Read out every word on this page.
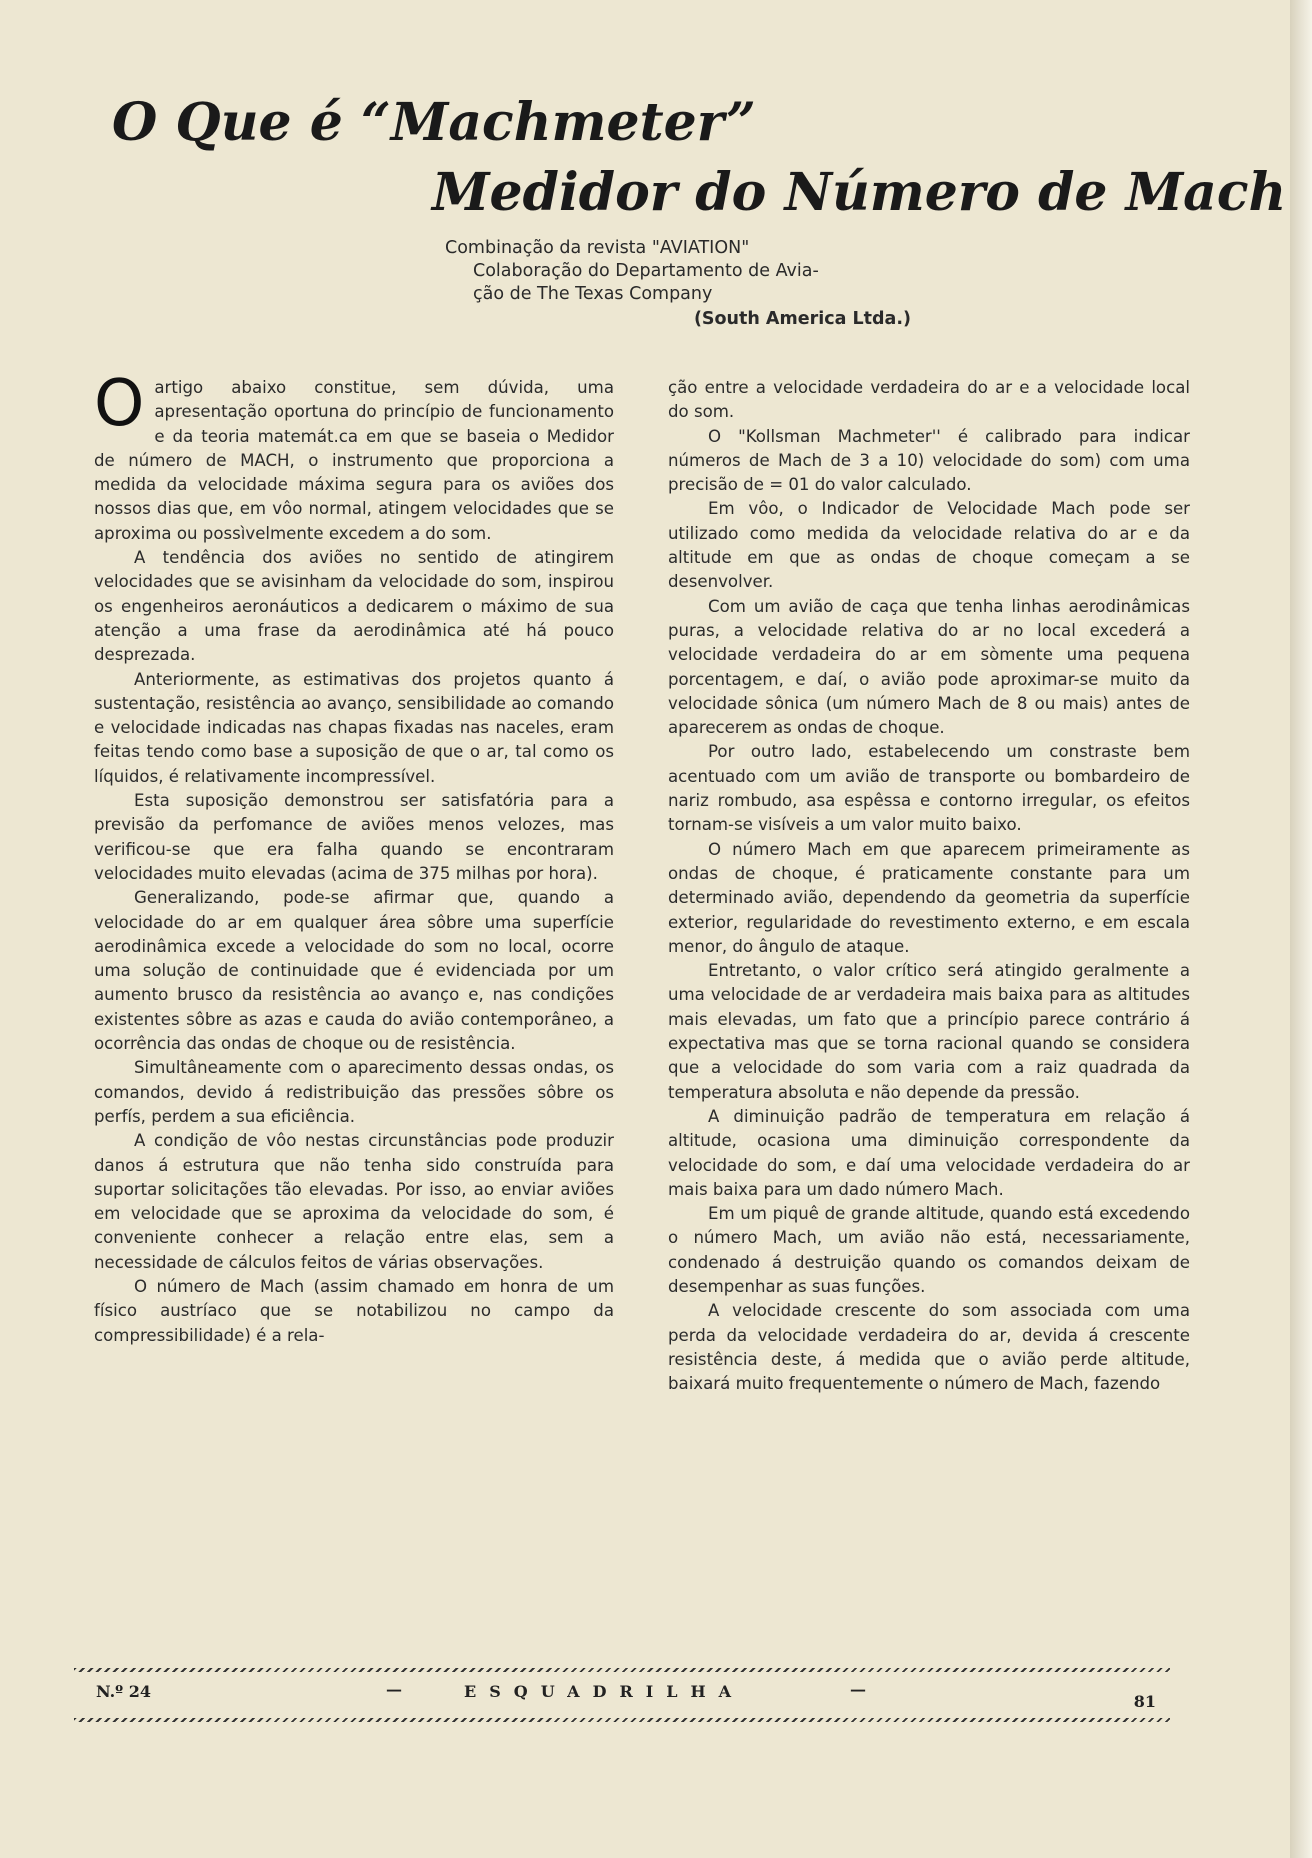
O Que é “Machmeter”
Medidor do Número de Mach

Combinação da revista "AVIATION"

Colaboração do Departamento de Avia-

ção de The Texas Company

(South America Ltda.)

Oartigo abaixo constitue, sem dúvida, uma apresentação oportuna do princípio de funcionamento e da teoria matemát.ca em que se baseia o Medidor de número de MACH, o instrumento que proporciona a medida da velocidade máxima segura para os aviões dos nossos dias que, em vôo normal, atingem velocidades que se aproxima ou possìvelmente excedem a do som.

A tendência dos aviões no sentido de atingirem velocidades que se avisinham da velocidade do som, inspirou os engenheiros aeronáuticos a dedicarem o máximo de sua atenção a uma frase da aerodinâmica até há pouco desprezada.

Anteriormente, as estimativas dos projetos quanto á sustentação, resistência ao avanço, sensibilidade ao comando e velocidade indicadas nas chapas fixadas nas naceles, eram feitas tendo como base a suposição de que o ar, tal como os líquidos, é relativamente incompressível.

Esta suposição demonstrou ser satisfatória para a previsão da perfomance de aviões menos velozes, mas verificou-se que era falha quando se encontraram velocidades muito elevadas (acima de 375 milhas por hora).

Generalizando, pode-se afirmar que, quando a velocidade do ar em qualquer área sôbre uma superfície aerodinâmica excede a velocidade do som no local, ocorre uma solução de continuidade que é evidenciada por um aumento brusco da resistência ao avanço e, nas condições existentes sôbre as azas e cauda do avião contemporâneo, a ocorrência das ondas de choque ou de resistência.

Simultâneamente com o aparecimento dessas ondas, os comandos, devido á redistribuição das pressões sôbre os perfís, perdem a sua eficiência.

A condição de vôo nestas circunstâncias pode produzir danos á estrutura que não tenha sido construída para suportar solicitações tão elevadas. Por isso, ao enviar aviões em velocidade que se aproxima da velocidade do som, é conveniente conhecer a relação entre elas, sem a necessidade de cálculos feitos de várias observações.

O número de Mach (assim chamado em honra de um físico austríaco que se notabilizou no campo da compressibilidade) é a rela-

ção entre a velocidade verdadeira do ar e a velocidade local do som.

O "Kollsman Machmeter'' é calibrado para indicar números de Mach de 3 a 10) velocidade do som) com uma precisão de = 01 do valor calculado.

Em vôo, o Indicador de Velocidade Mach pode ser utilizado como medida da velocidade relativa do ar e da altitude em que as ondas de choque começam a se desenvolver.

Com um avião de caça que tenha linhas aerodinâmicas puras, a velocidade relativa do ar no local excederá a velocidade verdadeira do ar em sòmente uma pequena porcentagem, e daí, o avião pode aproximar-se muito da velocidade sônica (um número Mach de 8 ou mais) antes de aparecerem as ondas de choque.

Por outro lado, estabelecendo um constraste bem acentuado com um avião de transporte ou bombardeiro de nariz rombudo, asa espêssa e contorno irregular, os efeitos tornam-se visíveis a um valor muito baixo.

O número Mach em que aparecem primeiramente as ondas de choque, é praticamente constante para um determinado avião, dependendo da geometria da superfície exterior, regularidade do revestimento externo, e em escala menor, do ângulo de ataque.

Entretanto, o valor crítico será atingido geralmente a uma velocidade de ar verdadeira mais baixa para as altitudes mais elevadas, um fato que a princípio parece contrário á expectativa mas que se torna racional quando se considera que a velocidade do som varia com a raiz quadrada da temperatura absoluta e não depende da pressão.

A diminuição padrão de temperatura em relação á altitude, ocasiona uma diminuição correspondente da velocidade do som, e daí uma velocidade verdadeira do ar mais baixa para um dado número Mach.

Em um piquê de grande altitude, quando está excedendo o número Mach, um avião não está, necessariamente, condenado á destruição quando os comandos deixam de desempenhar as suas funções.

A velocidade crescente do som associada com uma perda da velocidade verdadeira do ar, devida á crescente resistência deste, á medida que o avião perde altitude, baixará muito frequentemente o número de Mach, fazendo

N.º 24	—	ESQUADRILHA	—
81
